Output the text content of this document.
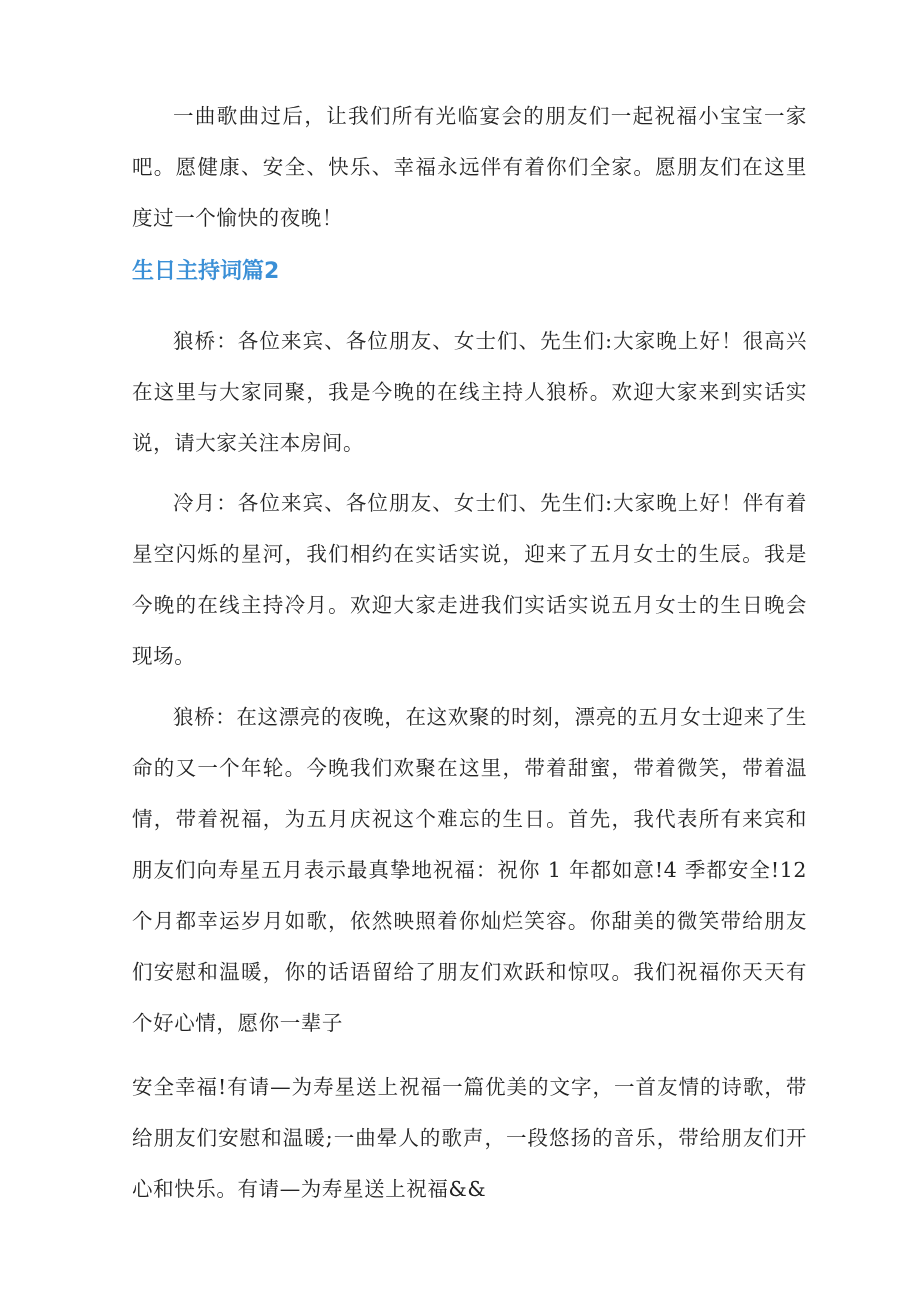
一曲歌曲过后，让我们所有光临宴会的朋友们一起祝福小宝宝一家吧。愿健康、安全、快乐、幸福永远伴有着你们全家。愿朋友们在这里度过一个愉快的夜晚！

生日主持词篇2

狼桥：各位来宾、各位朋友、女士们、先生们:大家晚上好！很高兴在这里与大家同聚，我是今晚的在线主持人狼桥。欢迎大家来到实话实说，请大家关注本房间。

冷月：各位来宾、各位朋友、女士们、先生们:大家晚上好！伴有着星空闪烁的星河，我们相约在实话实说，迎来了五月女士的生辰。我是今晚的在线主持冷月。欢迎大家走进我们实话实说五月女士的生日晚会现场。

狼桥：在这漂亮的夜晚，在这欢聚的时刻，漂亮的五月女士迎来了生命的又一个年轮。今晚我们欢聚在这里，带着甜蜜，带着微笑，带着温情，带着祝福，为五月庆祝这个难忘的生日。首先，我代表所有来宾和朋友们向寿星五月表示最真挚地祝福：祝你 1 年都如意!4 季都安全!12 个月都幸运岁月如歌，依然映照着你灿烂笑容。你甜美的微笑带给朋友们安慰和温暖，你的话语留给了朋友们欢跃和惊叹。我们祝福你天天有个好心情，愿你一辈子

安全幸福!有请—为寿星送上祝福一篇优美的文字，一首友情的诗歌，带给朋友们安慰和温暖;一曲晕人的歌声，一段悠扬的音乐，带给朋友们开心和快乐。有请—为寿星送上祝福&&
